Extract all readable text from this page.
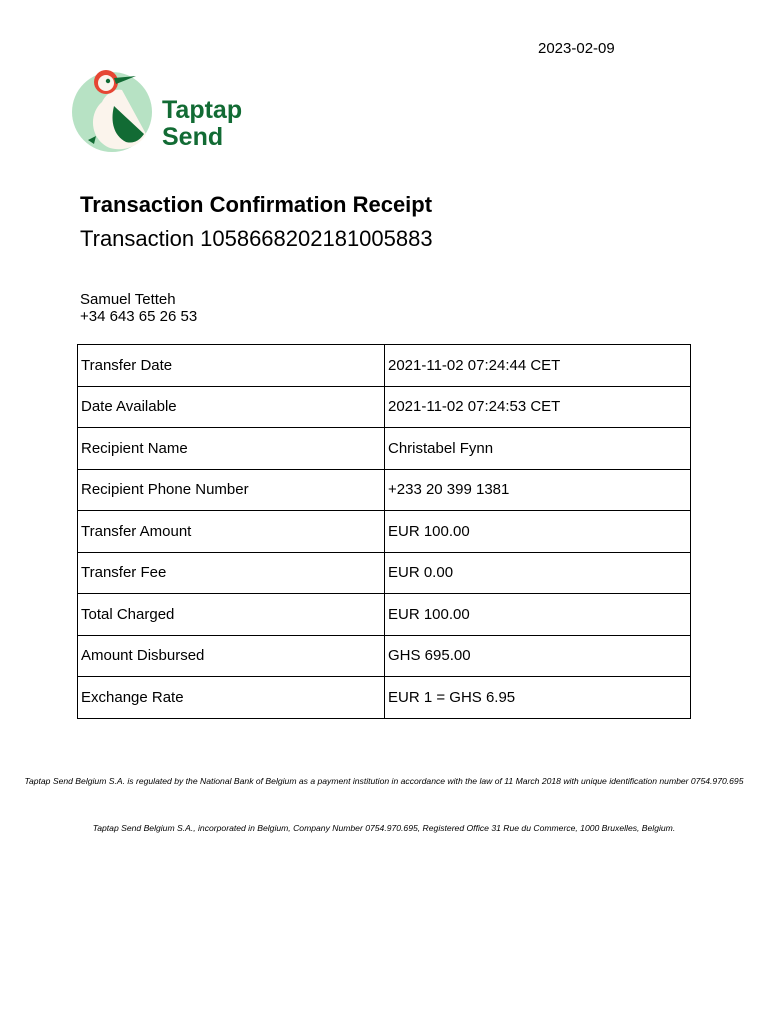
2023-02-09
Taptap
Send
Transaction Confirmation Receipt

Transaction 1058668202181005883

Samuel Tetteh
+34 643 65 26 53
Transfer Date	2021-11-02 07:24:44 CET
Date Available	2021-11-02 07:24:53 CET
Recipient Name	Christabel Fynn
Recipient Phone Number	+233 20 399 1381
Transfer Amount	EUR 100.00
Transfer Fee	EUR 0.00
Total Charged	EUR 100.00
Amount Disbursed	GHS 695.00
Exchange Rate	EUR 1 = GHS 6.95
Taptap Send Belgium S.A. is regulated by the National Bank of Belgium as a payment institution in accordance with the law of 11 March 2018 with unique identification number 0754.970.695
Taptap Send Belgium S.A., incorporated in Belgium, Company Number 0754.970.695, Registered Office 31 Rue du Commerce, 1000 Bruxelles, Belgium.
